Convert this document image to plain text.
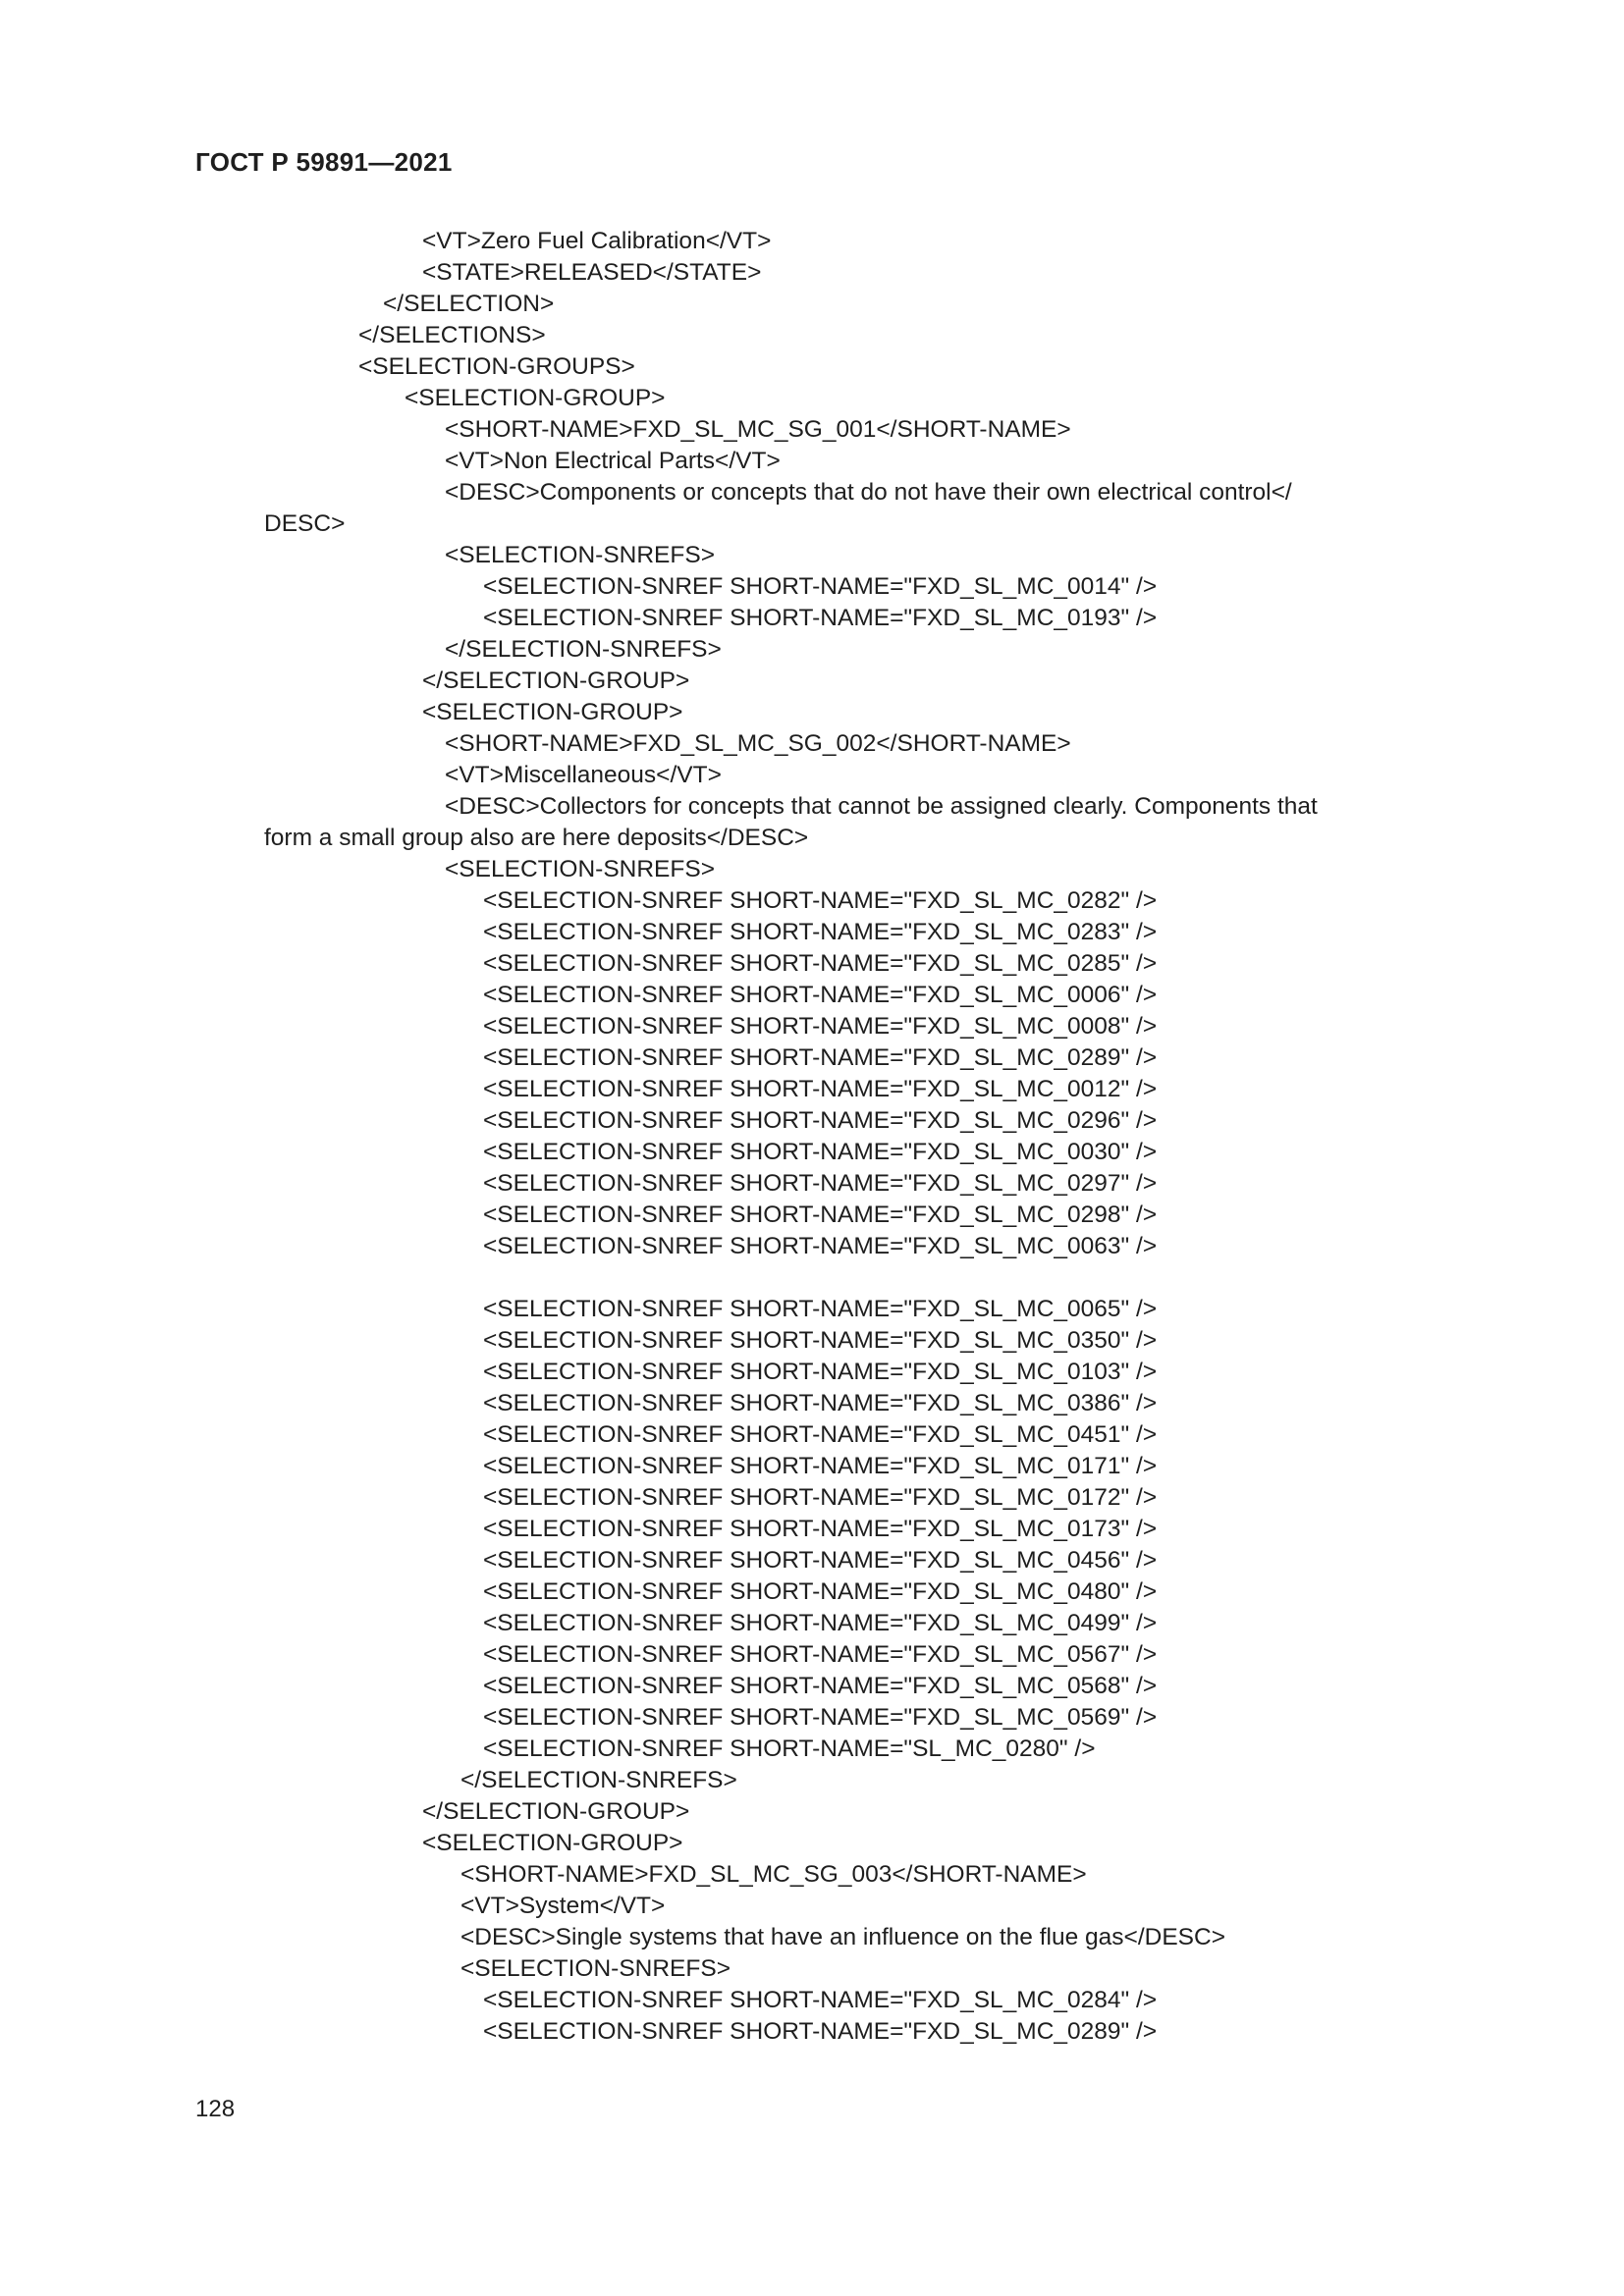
ГОСТ Р 59891—2021
<VT>Zero Fuel Calibration</VT>
<STATE>RELEASED</STATE>
</SELECTION>
</SELECTIONS>
<SELECTION-GROUPS>
<SELECTION-GROUP>
<SHORT-NAME>FXD_SL_MC_SG_001</SHORT-NAME>
<VT>Non Electrical Parts</VT>
<DESC>Components or concepts that do not have their own electrical control</
DESC>
<SELECTION-SNREFS>
<SELECTION-SNREF SHORT-NAME="FXD_SL_MC_0014" />
<SELECTION-SNREF SHORT-NAME="FXD_SL_MC_0193" />
</SELECTION-SNREFS>
</SELECTION-GROUP>
<SELECTION-GROUP>
<SHORT-NAME>FXD_SL_MC_SG_002</SHORT-NAME>
<VT>Miscellaneous</VT>
<DESC>Collectors for concepts that cannot be assigned clearly. Components that
form a small group also are here deposits</DESC>
<SELECTION-SNREFS>
<SELECTION-SNREF SHORT-NAME="FXD_SL_MC_0282" />
<SELECTION-SNREF SHORT-NAME="FXD_SL_MC_0283" />
<SELECTION-SNREF SHORT-NAME="FXD_SL_MC_0285" />
<SELECTION-SNREF SHORT-NAME="FXD_SL_MC_0006" />
<SELECTION-SNREF SHORT-NAME="FXD_SL_MC_0008" />
<SELECTION-SNREF SHORT-NAME="FXD_SL_MC_0289" />
<SELECTION-SNREF SHORT-NAME="FXD_SL_MC_0012" />
<SELECTION-SNREF SHORT-NAME="FXD_SL_MC_0296" />
<SELECTION-SNREF SHORT-NAME="FXD_SL_MC_0030" />
<SELECTION-SNREF SHORT-NAME="FXD_SL_MC_0297" />
<SELECTION-SNREF SHORT-NAME="FXD_SL_MC_0298" />
<SELECTION-SNREF SHORT-NAME="FXD_SL_MC_0063" />
<SELECTION-SNREF SHORT-NAME="FXD_SL_MC_0065" />
<SELECTION-SNREF SHORT-NAME="FXD_SL_MC_0350" />
<SELECTION-SNREF SHORT-NAME="FXD_SL_MC_0103" />
<SELECTION-SNREF SHORT-NAME="FXD_SL_MC_0386" />
<SELECTION-SNREF SHORT-NAME="FXD_SL_MC_0451" />
<SELECTION-SNREF SHORT-NAME="FXD_SL_MC_0171" />
<SELECTION-SNREF SHORT-NAME="FXD_SL_MC_0172" />
<SELECTION-SNREF SHORT-NAME="FXD_SL_MC_0173" />
<SELECTION-SNREF SHORT-NAME="FXD_SL_MC_0456" />
<SELECTION-SNREF SHORT-NAME="FXD_SL_MC_0480" />
<SELECTION-SNREF SHORT-NAME="FXD_SL_MC_0499" />
<SELECTION-SNREF SHORT-NAME="FXD_SL_MC_0567" />
<SELECTION-SNREF SHORT-NAME="FXD_SL_MC_0568" />
<SELECTION-SNREF SHORT-NAME="FXD_SL_MC_0569" />
<SELECTION-SNREF SHORT-NAME="SL_MC_0280" />
</SELECTION-SNREFS>
</SELECTION-GROUP>
<SELECTION-GROUP>
<SHORT-NAME>FXD_SL_MC_SG_003</SHORT-NAME>
<VT>System</VT>
<DESC>Single systems that have an influence on the flue gas</DESC>
<SELECTION-SNREFS>
<SELECTION-SNREF SHORT-NAME="FXD_SL_MC_0284" />
<SELECTION-SNREF SHORT-NAME="FXD_SL_MC_0289" />
128
